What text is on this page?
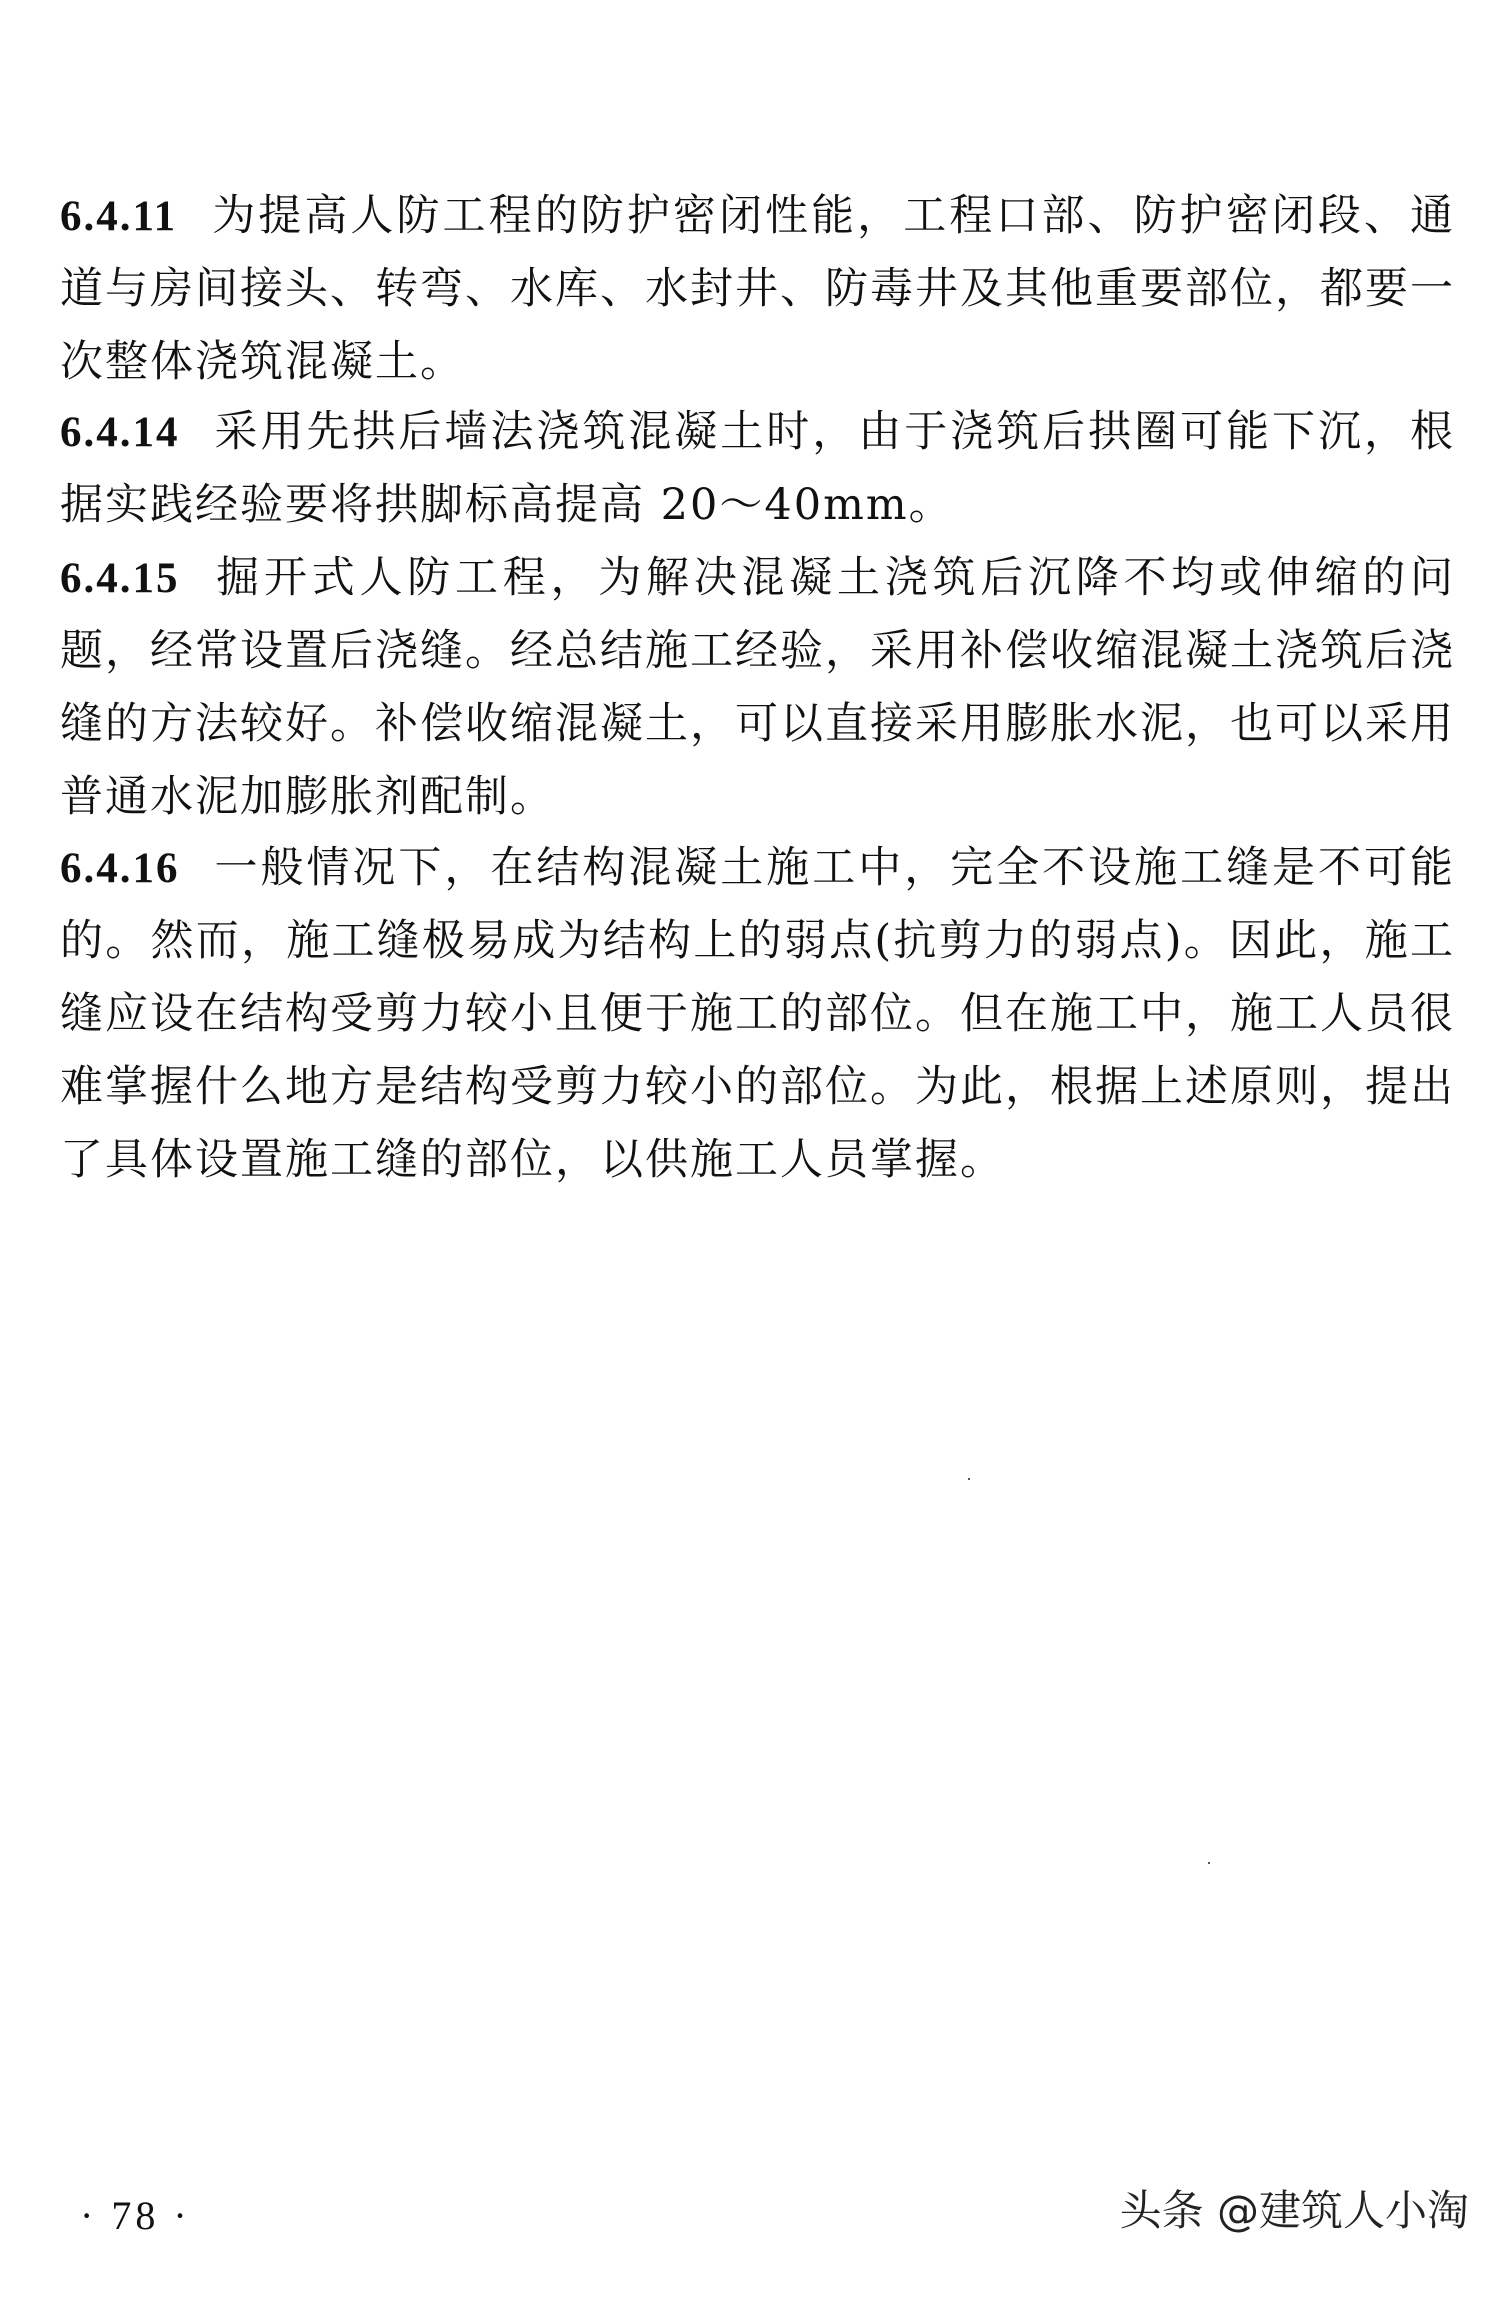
6.4.11 为提高人防工程的防护密闭性能，工程口部、防护密闭段、通道与房间接头、转弯、水库、水封井、防毒井及其他重要部位，都要一次整体浇筑混凝土。

6.4.14 采用先拱后墙法浇筑混凝土时，由于浇筑后拱圈可能下沉，根据实践经验要将拱脚标高提高 20～40mm。

6.4.15 掘开式人防工程，为解决混凝土浇筑后沉降不均或伸缩的问题，经常设置后浇缝。经总结施工经验，采用补偿收缩混凝土浇筑后浇缝的方法较好。补偿收缩混凝土，可以直接采用膨胀水泥，也可以采用普通水泥加膨胀剂配制。

6.4.16 一般情况下，在结构混凝土施工中，完全不设施工缝是不可能的。然而，施工缝极易成为结构上的弱点(抗剪力的弱点)。因此，施工缝应设在结构受剪力较小且便于施工的部位。但在施工中，施工人员很难掌握什么地方是结构受剪力较小的部位。为此，根据上述原则，提出了具体设置施工缝的部位，以供施工人员掌握。

· 78 ·	头条 @建筑人小淘
